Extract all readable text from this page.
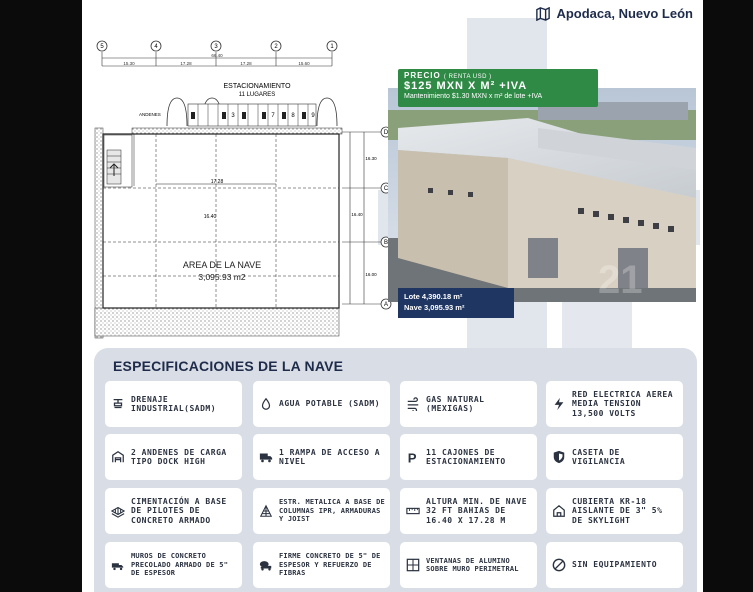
Apodaca, Nuevo León
5	4	3	2	1
66.40
15.30	17.28	17.28	15.60
ESTACIONAMIENTO
11 LUGARES
3	7	8	9
ANDENES
17.28
16.40
AREA DE LA NAVE
3,095.93 m2
16.30
16.40
16.00
D
C
B
A
21
PRECIO ( RENTA USD )
$125 MXN X M² +IVA
Mantenimiento $1.30 MXN x m² de lote +IVA
Lote 4,390.18 m²
Nave 3,095.93 m²
ESPECIFICACIONES DE LA NAVE
DRENAJE INDUSTRIAL(SADM)
AGUA POTABLE (SADM)
GAS NATURAL (MEXIGAS)
RED ELECTRICA AEREA MEDIA TENSION 13,500 VOLTS
2 ANDENES DE CARGA TIPO DOCK HIGH
1 RAMPA DE ACCESO A NIVEL	P 11 CAJONES DE ESTACIONAMIENTO
CASETA DE VIGILANCIA
CIMENTACIÓN A BASE DE PILOTES DE CONCRETO ARMADO
ESTR. METALICA A BASE DE COLUMNAS IPR, ARMADURAS Y JOIST
ALTURA MIN. DE NAVE 32 FT BAHIAS DE 16.40 X 17.28 M
CUBIERTA KR-18 AISLANTE DE 3" 5% DE SKYLIGHT
MUROS DE CONCRETO PRECOLADO ARMADO DE 5" DE ESPESOR
FIRME CONCRETO DE 5" DE ESPESOR Y REFUERZO DE FIBRAS
VENTANAS DE ALUMINO SOBRE MURO PERIMETRAL	SIN EQUIPAMIENTO
